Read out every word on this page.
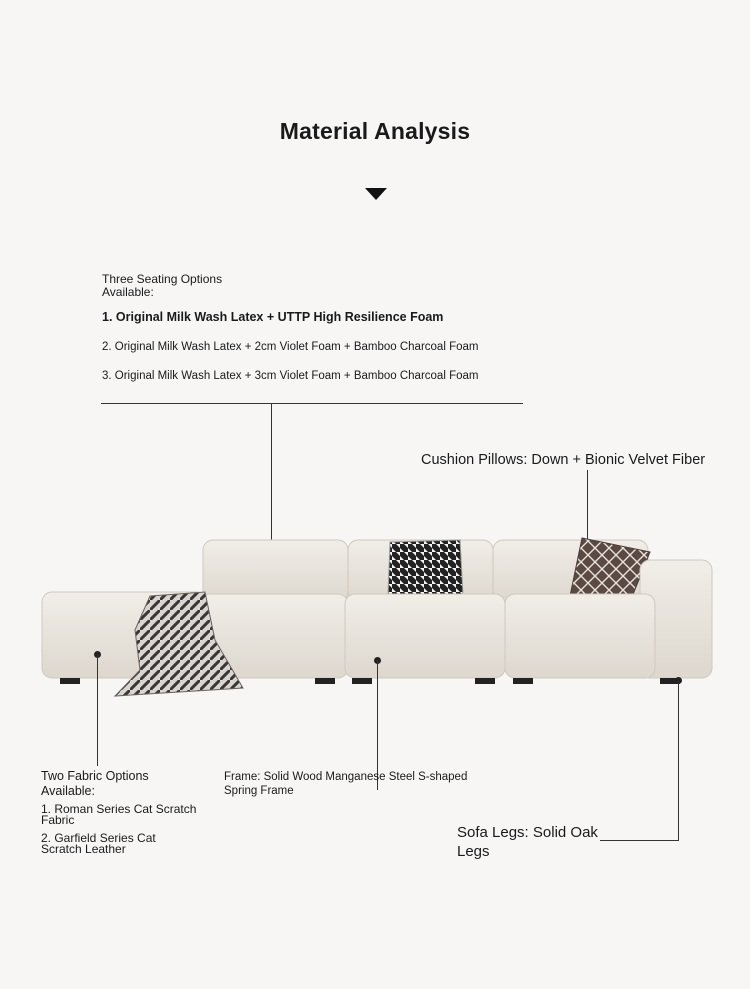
Material Analysis
Three Seating Options
Available:
1. Original Milk Wash Latex + UTTP High Resilience Foam
2. Original Milk Wash Latex + 2cm Violet Foam + Bamboo Charcoal Foam
3. Original Milk Wash Latex + 3cm Violet Foam + Bamboo Charcoal Foam
Cushion Pillows: Down + Bionic Velvet Fiber
Two Fabric Options
Available:
1. Roman Series Cat Scratch
Fabric
2. Garfield Series Cat
Scratch Leather
Frame: Solid Wood Manganese Steel S-shaped
Spring Frame
Sofa Legs: Solid Oak
Legs
